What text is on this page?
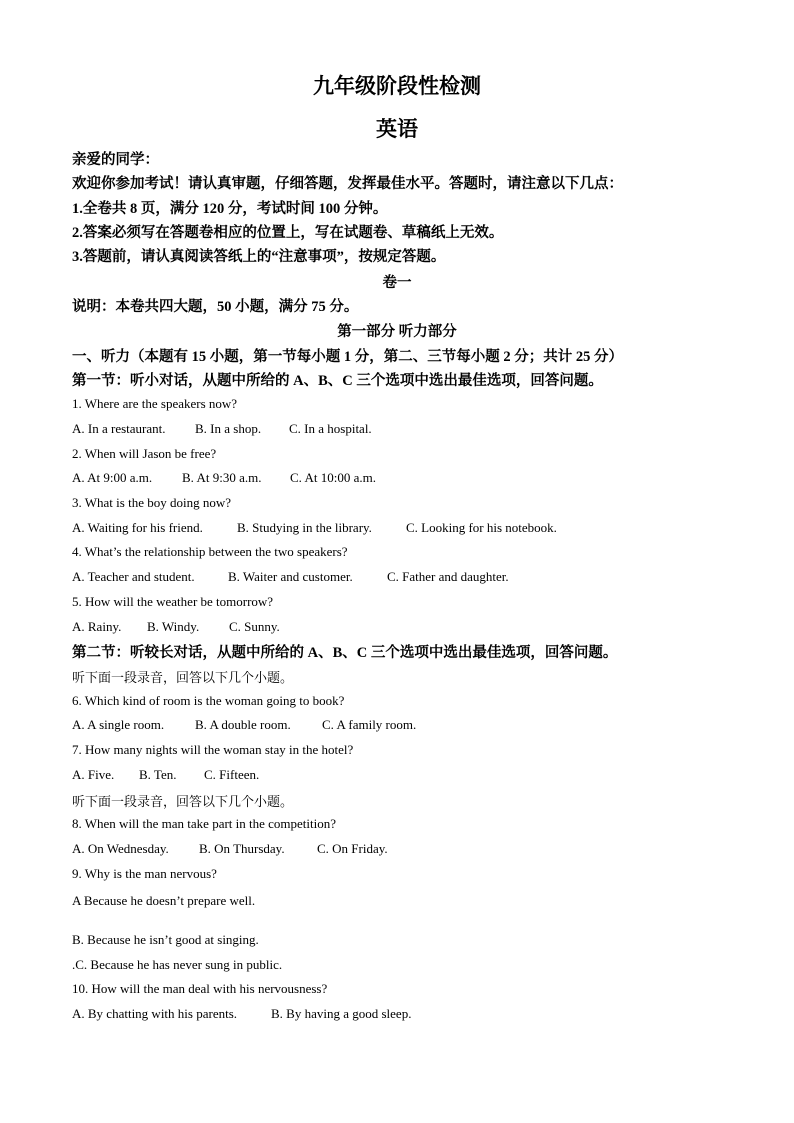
九年级阶段性检测
英语
亲爱的同学：
欢迎你参加考试！请认真审题，仔细答题，发挥最佳水平。答题时，请注意以下几点：
1.全卷共 8 页，满分 120 分，考试时间 100 分钟。
2.答案必须写在答题卷相应的位置上，写在试题卷、草稿纸上无效。
3.答题前，请认真阅读答纸上的“注意事项”，按规定答题。
卷一
说明：本卷共四大题，50 小题，满分 75 分。
第一部分 听力部分
一、听力（本题有 15 小题，第一节每小题 1 分，第二、三节每小题 2 分；共计 25 分）
第一节：听小对话，从题中所给的 A、B、C 三个选项中选出最佳选项，回答问题。
1. Where are the speakers now?
A. In a restaurant. B. In a shop. C. In a hospital.
2. When will Jason be free?
A. At 9:00 a.m. B. At 9:30 a.m. C. At 10:00 a.m.
3. What is the boy doing now?
A. Waiting for his friend.	B. Studying in the library.	C. Looking for his notebook.
4. What’s the relationship between the two speakers?
A. Teacher and student.	B. Waiter and customer.	C. Father and daughter.
5. How will the weather be tomorrow?
A. Rainy. B. Windy. C. Sunny.
第二节：听较长对话，从题中所给的 A、B、C 三个选项中选出最佳选项，回答问题。
听下面一段录音，回答以下几个小题。
6. Which kind of room is the woman going to book?
A. A single room. B. A double room. C. A family room.
7. How many nights will the woman stay in the hotel?
A. Five. B. Ten. C. Fifteen.
听下面一段录音，回答以下几个小题。
8. When will the man take part in the competition?
A. On Wednesday. B. On Thursday. C. On Friday.
9. Why is the man nervous?
A Because he doesn’t prepare well.
B. Because he isn’t good at singing.
.C. Because he has never sung in public.
10. How will the man deal with his nervousness?
A. By chatting with his parents.	B. By having a good sleep.
